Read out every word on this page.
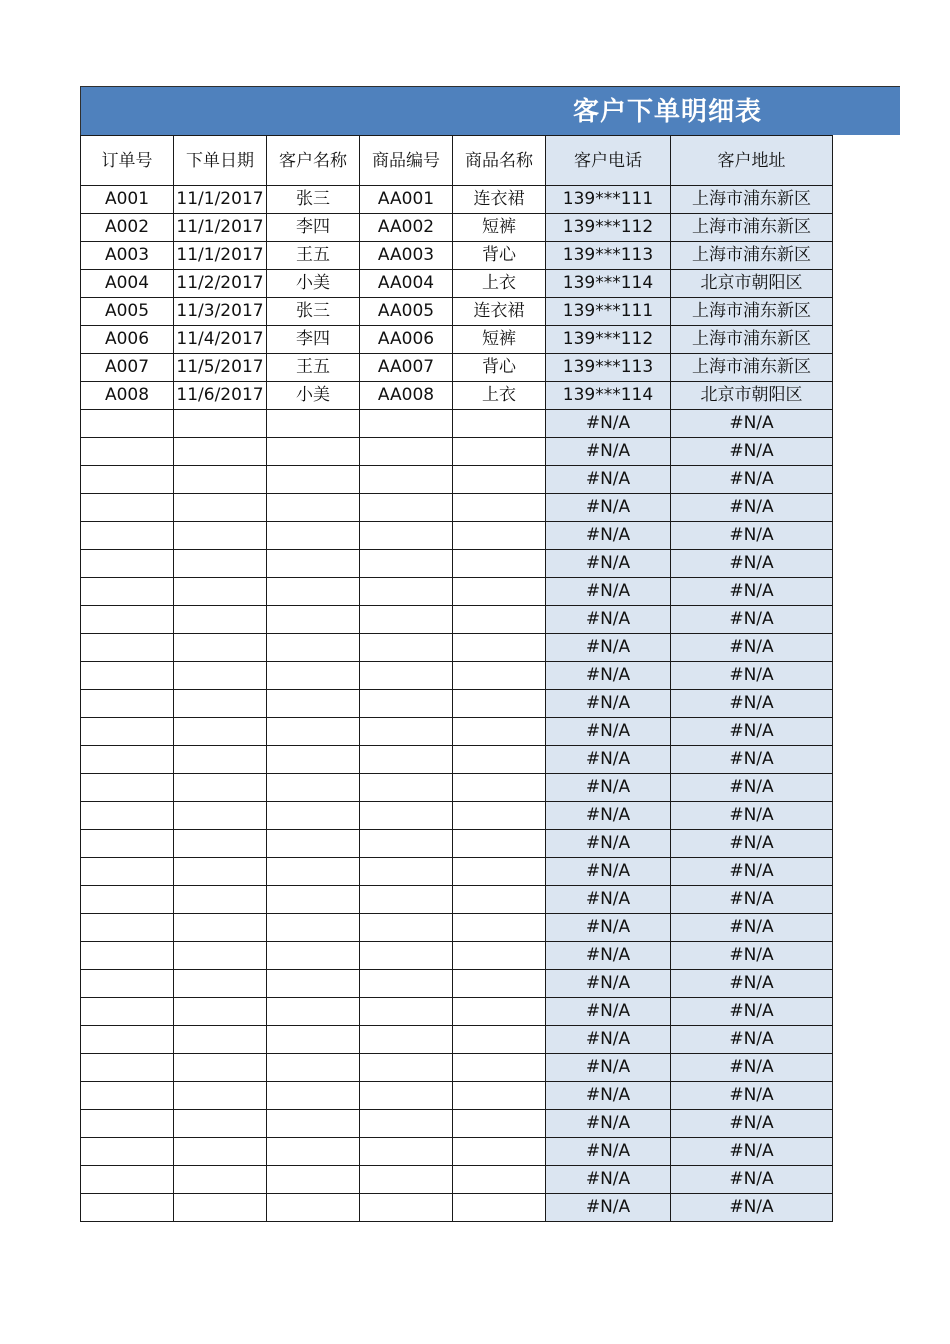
客户下单明细表
订单号	下单日期	客户名称	商品编号	商品名称	客户电话	客户地址
A001	11/1/2017	张三	AA001	连衣裙	139***111	上海市浦东新区
A002	11/1/2017	李四	AA002	短裤	139***112	上海市浦东新区
A003	11/1/2017	王五	AA003	背心	139***113	上海市浦东新区
A004	11/2/2017	小美	AA004	上衣	139***114	北京市朝阳区
A005	11/3/2017	张三	AA005	连衣裙	139***111	上海市浦东新区
A006	11/4/2017	李四	AA006	短裤	139***112	上海市浦东新区
A007	11/5/2017	王五	AA007	背心	139***113	上海市浦东新区
A008	11/6/2017	小美	AA008	上衣	139***114	北京市朝阳区
					#N/A	#N/A
					#N/A	#N/A
					#N/A	#N/A
					#N/A	#N/A
					#N/A	#N/A
					#N/A	#N/A
					#N/A	#N/A
					#N/A	#N/A
					#N/A	#N/A
					#N/A	#N/A
					#N/A	#N/A
					#N/A	#N/A
					#N/A	#N/A
					#N/A	#N/A
					#N/A	#N/A
					#N/A	#N/A
					#N/A	#N/A
					#N/A	#N/A
					#N/A	#N/A
					#N/A	#N/A
					#N/A	#N/A
					#N/A	#N/A
					#N/A	#N/A
					#N/A	#N/A
					#N/A	#N/A
					#N/A	#N/A
					#N/A	#N/A
					#N/A	#N/A
					#N/A	#N/A
